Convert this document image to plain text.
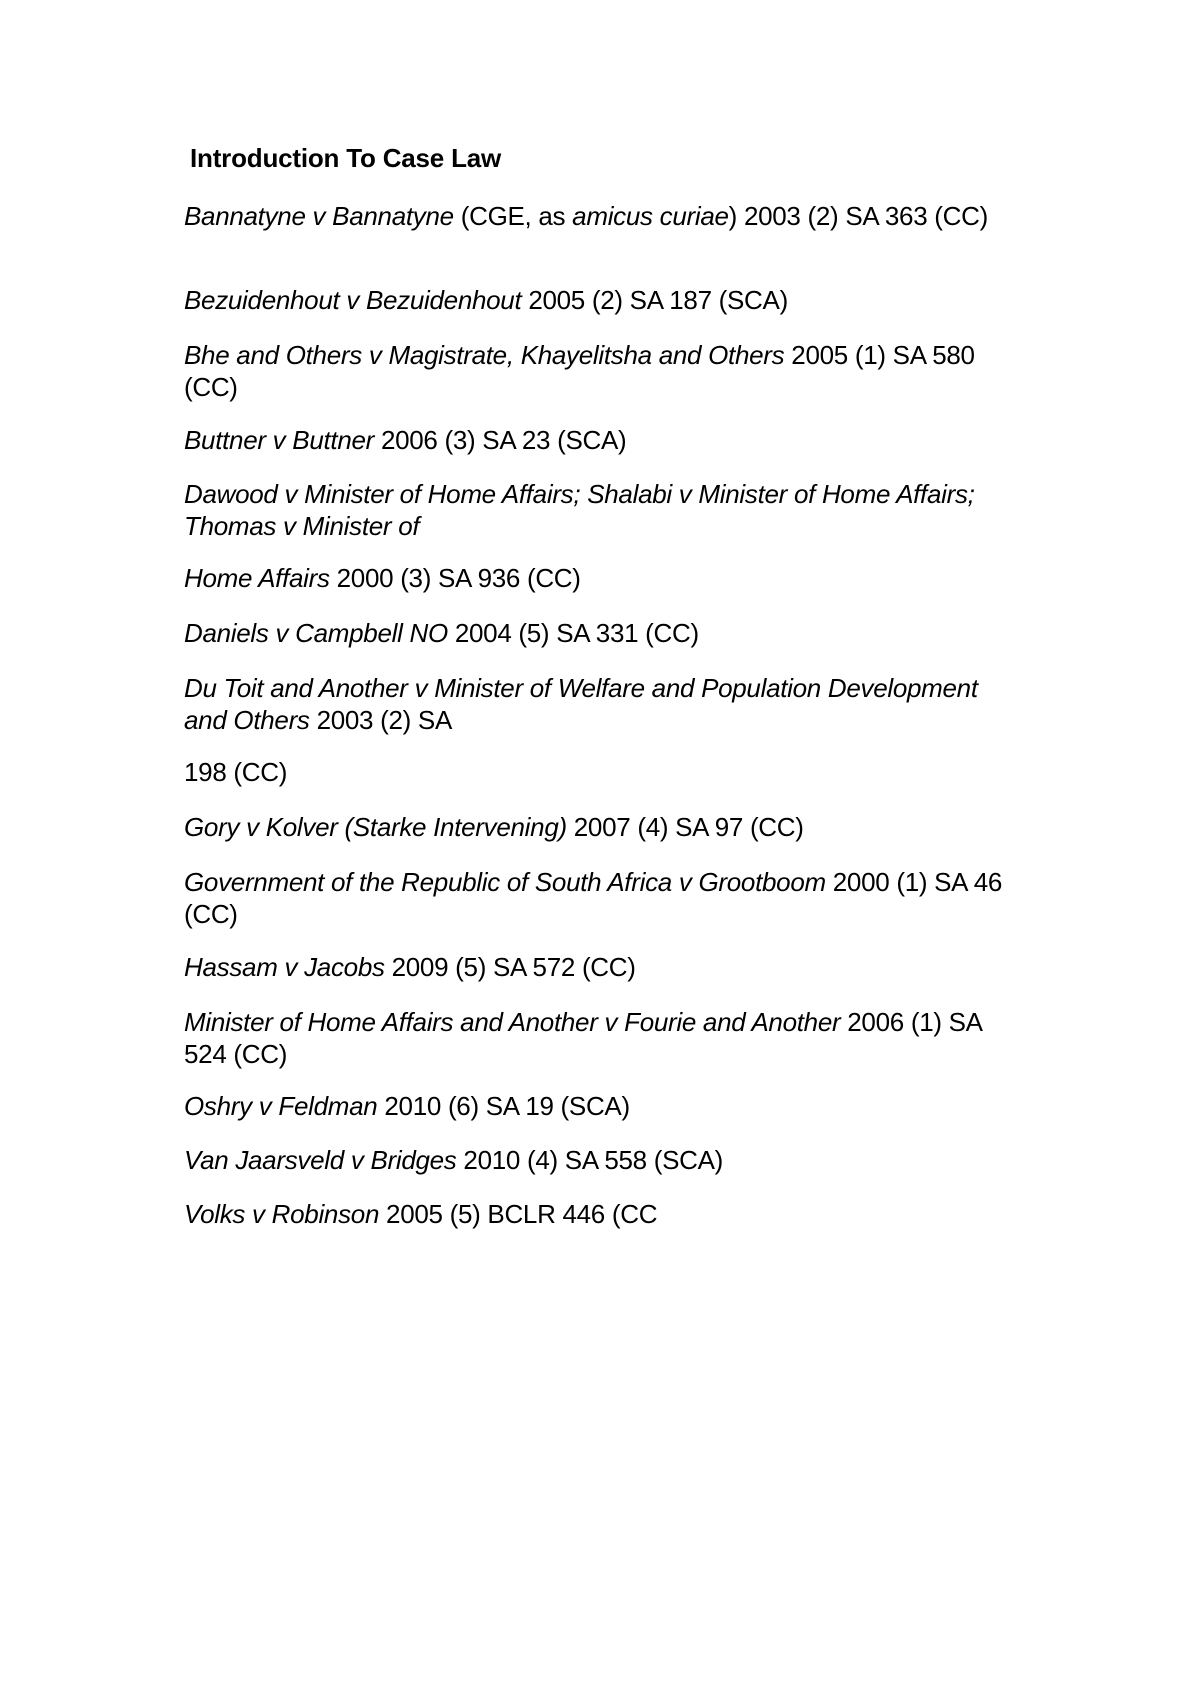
Introduction To Case Law

Bannatyne v Bannatyne (CGE, as amicus curiae) 2003 (2) SA 363 (CC)

Bezuidenhout v Bezuidenhout 2005 (2) SA 187 (SCA)

Bhe and Others v Magistrate, Khayelitsha and Others 2005 (1) SA 580 (CC)

Buttner v Buttner 2006 (3) SA 23 (SCA)

Dawood v Minister of Home Affairs; Shalabi v Minister of Home Affairs; Thomas v Minister of

Home Affairs 2000 (3) SA 936 (CC)

Daniels v Campbell NO 2004 (5) SA 331 (CC)

Du Toit and Another v Minister of Welfare and Population Development and Others 2003 (2) SA

198 (CC)

Gory v Kolver (Starke Intervening) 2007 (4) SA 97 (CC)

Government of the Republic of South Africa v Grootboom 2000 (1) SA 46 (CC)

Hassam v Jacobs 2009 (5) SA 572 (CC)

Minister of Home Affairs and Another v Fourie and Another 2006 (1) SA 524 (CC)

Oshry v Feldman 2010 (6) SA 19 (SCA)

Van Jaarsveld v Bridges 2010 (4) SA 558 (SCA)

Volks v Robinson 2005 (5) BCLR 446 (CC
